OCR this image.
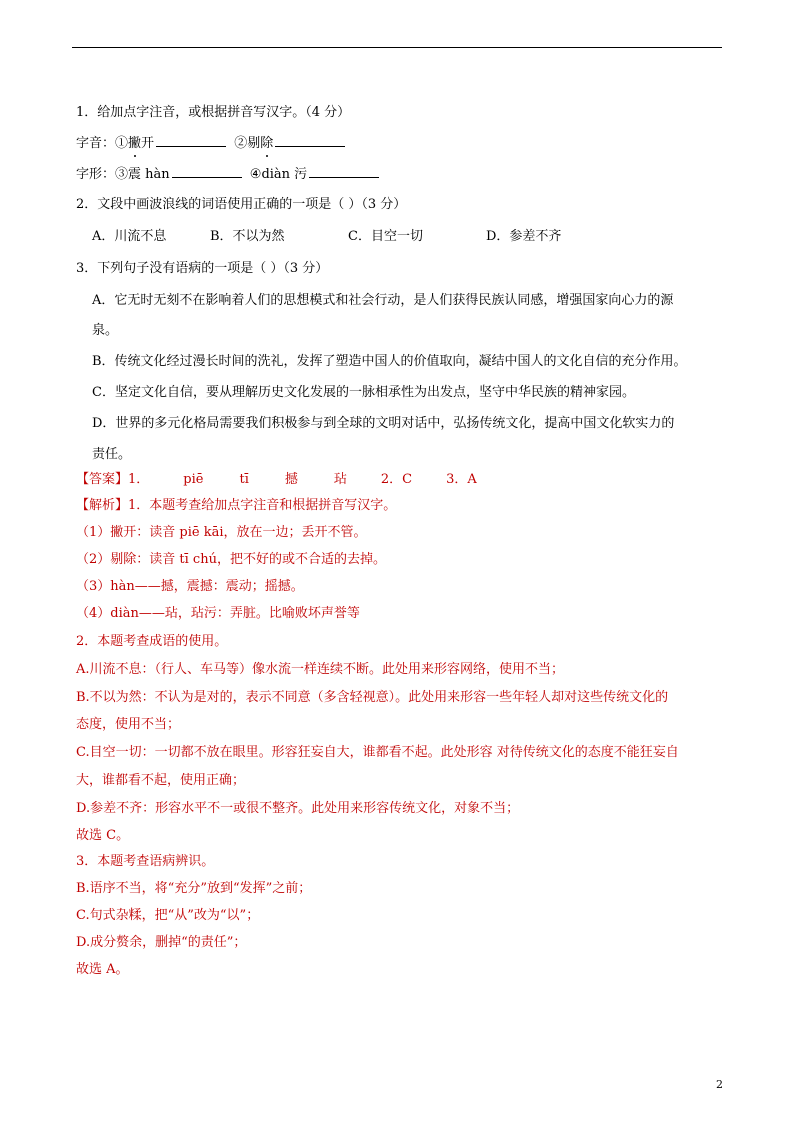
1．给加点字注音，或根据拼音写汉字。（4 分）
字音：①撇开	②剔除
字形：③震 hàn	④diàn 污
2．文段中画波浪线的词语使用正确的一项是（ ）（3 分）
A．川流不息	B．不以为然	C．目空一切	D．参差不齐
3．下列句子没有语病的一项是（ ）（3 分）
A．它无时无刻不在影响着人们的思想模式和社会行动，是人们获得民族认同感，增强国家向心力的源
泉。
B．传统文化经过漫长时间的洗礼，发挥了塑造中国人的价值取向，凝结中国人的文化自信的充分作用。
C．坚定文化自信，要从理解历史文化发展的一脉相承性为出发点，坚守中华民族的精神家园。
D．世界的多元化格局需要我们积极参与到全球的文明对话中，弘扬传统文化，提高中国文化软实力的
责任。
【答案】1．	piē	tī	撼	玷	2．C	3．A
【解析】1．本题考查给加点字注音和根据拼音写汉字。
（1）撇开：读音 piē kāi，放在一边；丢开不管。
（2）剔除：读音 tī chú，把不好的或不合适的去掉。
（3）hàn——撼，震撼：震动；摇撼。
（4）diàn——玷，玷污：弄脏。比喻败坏声誉等
2．本题考查成语的使用。
A.川流不息：（行人、车马等）像水流一样连续不断。此处用来形容网络，使用不当；
B.不以为然：不认为是对的，表示不同意（多含轻视意）。此处用来形容一些年轻人却对这些传统文化的
态度，使用不当；
C.目空一切：一切都不放在眼里。形容狂妄自大，谁都看不起。此处形容 对待传统文化的态度不能狂妄自
大，谁都看不起，使用正确；
D.参差不齐：形容水平不一或很不整齐。此处用来形容传统文化，对象不当；
故选 C。
3．本题考查语病辨识。
B.语序不当，将“充分”放到“发挥”之前；
C.句式杂糅，把“从”改为“以”；
D.成分赘余，删掉“的责任”；
故选 A。
2
